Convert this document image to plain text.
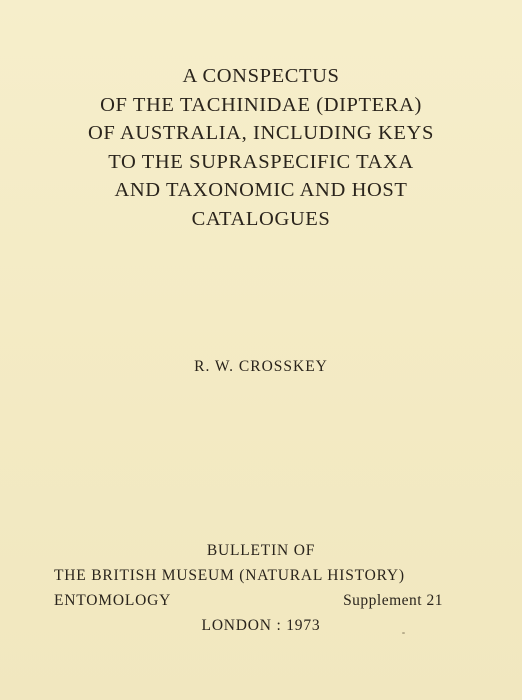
A CONSPECTUS
OF THE TACHINIDAE (DIPTERA)
OF AUSTRALIA, INCLUDING KEYS
TO THE SUPRASPECIFIC TAXA
AND TAXONOMIC AND HOST
CATALOGUES
R. W. CROSSKEY
BULLETIN OF
THE BRITISH MUSEUM (NATURAL HISTORY)
ENTOMOLOGY	Supplement 21
LONDON : 1973
